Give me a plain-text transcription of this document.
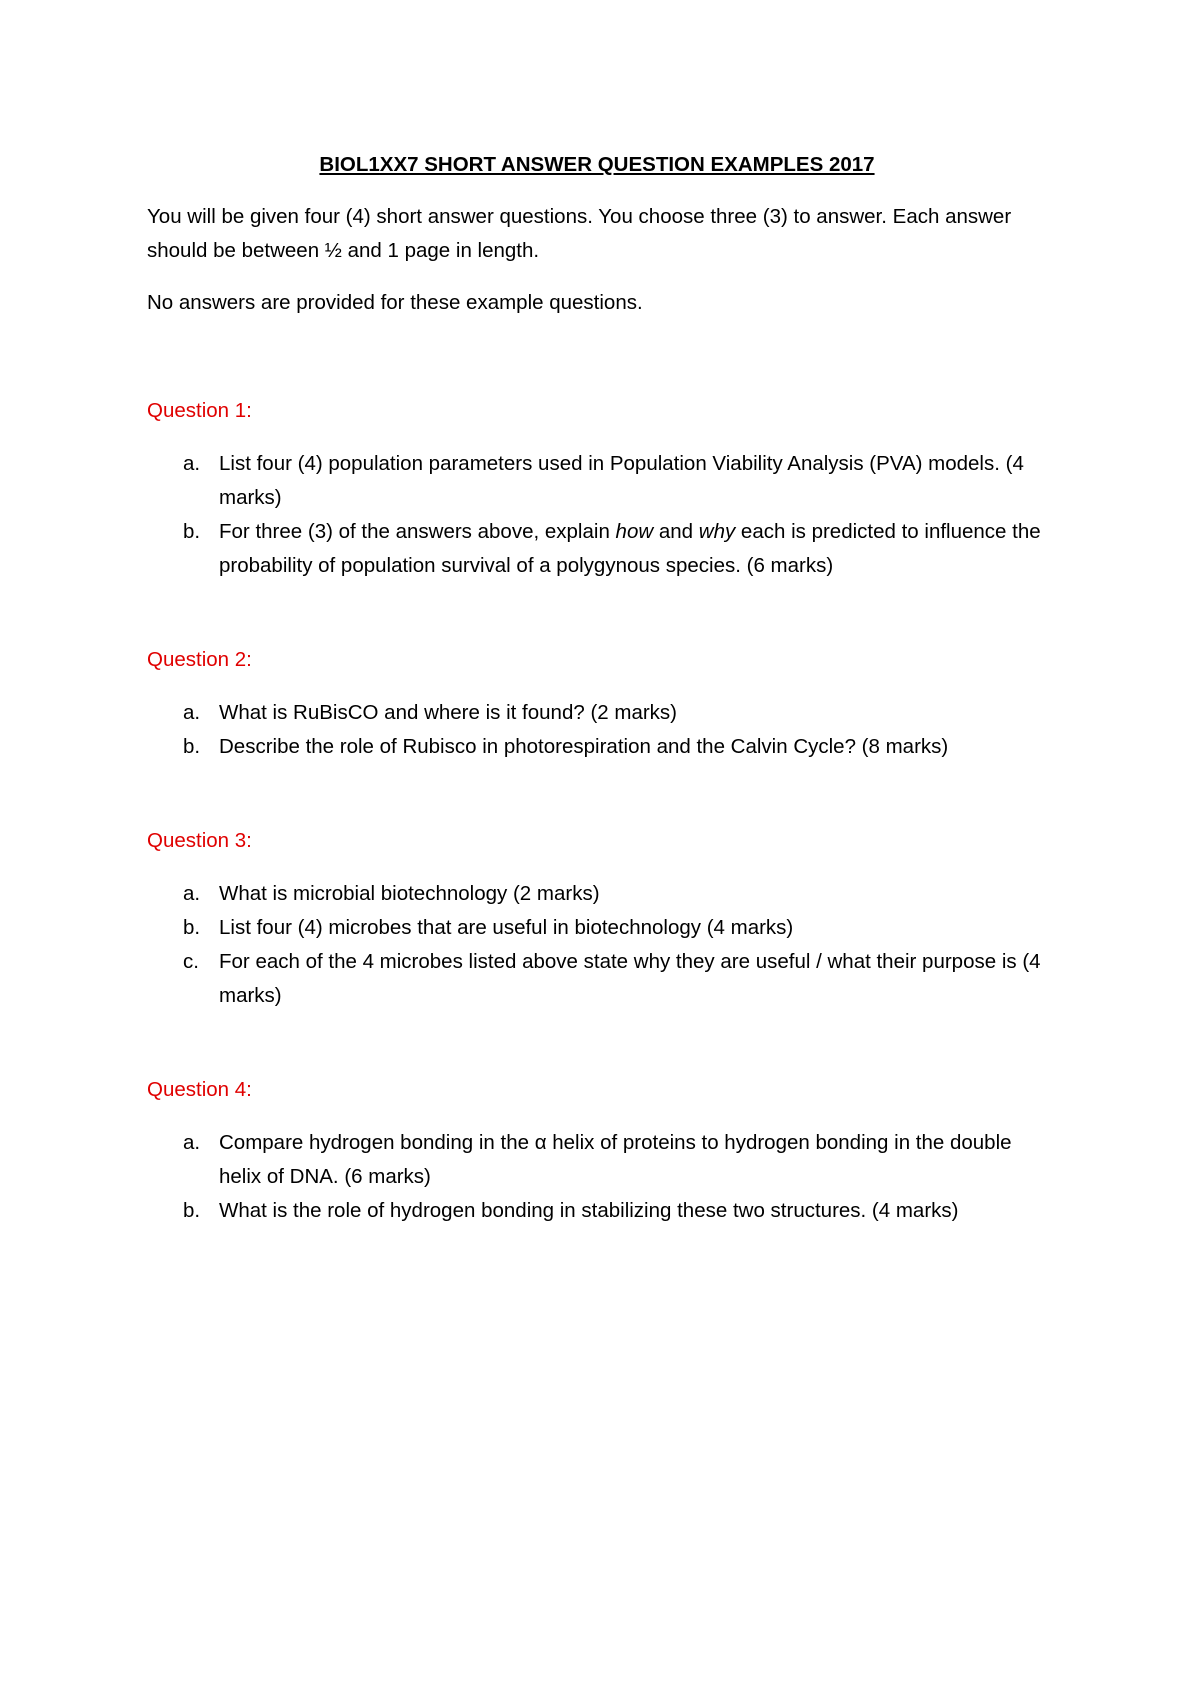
BIOL1XX7 SHORT ANSWER QUESTION EXAMPLES 2017
You will be given four (4) short answer questions. You choose three (3) to answer. Each answer should be between ½ and 1 page in length.
No answers are provided for these example questions.
Question 1:
a. List four (4) population parameters used in Population Viability Analysis (PVA) models. (4 marks)
b. For three (3) of the answers above, explain how and why each is predicted to influence the probability of population survival of a polygynous species. (6 marks)
Question 2:
a. What is RuBisCO and where is it found? (2 marks)
b. Describe the role of Rubisco in photorespiration and the Calvin Cycle? (8 marks)
Question 3:
a. What is microbial biotechnology (2 marks)
b. List four (4) microbes that are useful in biotechnology (4 marks)
c. For each of the 4 microbes listed above state why they are useful / what their purpose is (4 marks)
Question 4:
a. Compare hydrogen bonding in the α helix of proteins to hydrogen bonding in the double helix of DNA. (6 marks)
b. What is the role of hydrogen bonding in stabilizing these two structures. (4 marks)
